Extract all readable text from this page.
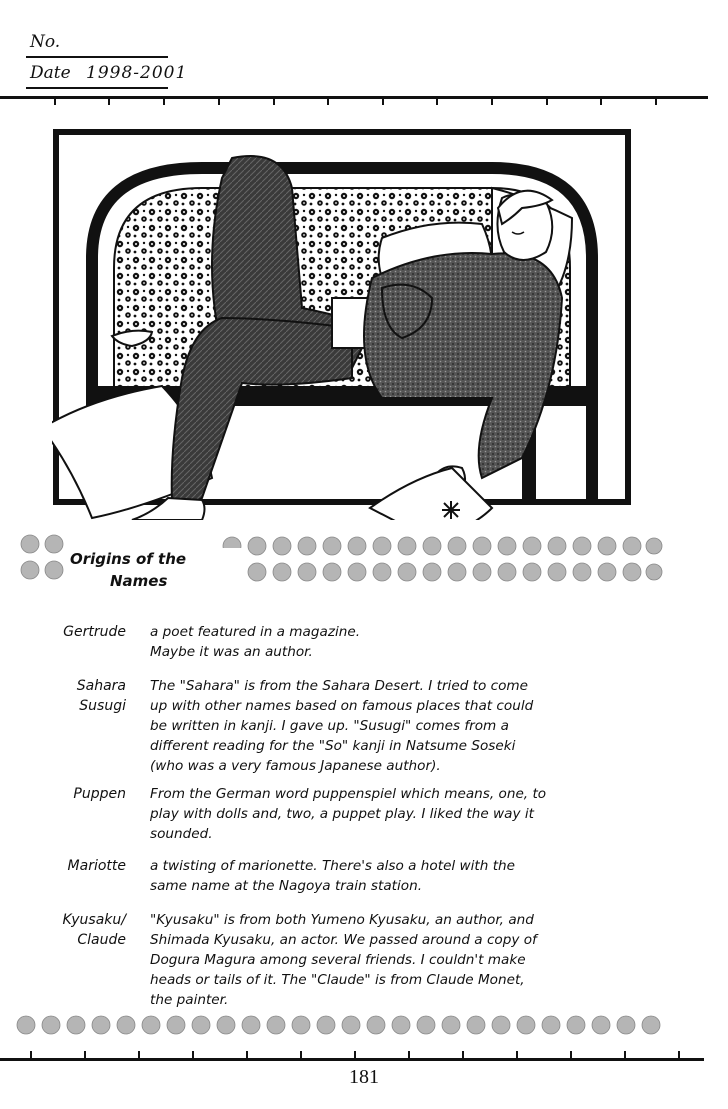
No.
Date 1998-2001
Origins of the
Names
Gertrude a poet featured in a magazine.
Maybe it was an author.
Sahara
Susugi
The "Sahara" is from the Sahara Desert. I tried to come
up with other names based on famous places that could
be written in kanji. I gave up. "Susugi" comes from a
different reading for the "So" kanji in Natsume Soseki
(who was a very famous Japanese author).
Puppen From the German word puppenspiel which means, one, to
play with dolls and, two, a puppet play. I liked the way it
sounded.
Mariotte a twisting of marionette. There's also a hotel with the
same name at the Nagoya train station.
Kyusaku/
Claude
"Kyusaku" is from both Yumeno Kyusaku, an author, and
Shimada Kyusaku, an actor. We passed around a copy of
Dogura Magura among several friends. I couldn't make
heads or tails of it. The "Claude" is from Claude Monet,
the painter.
181
